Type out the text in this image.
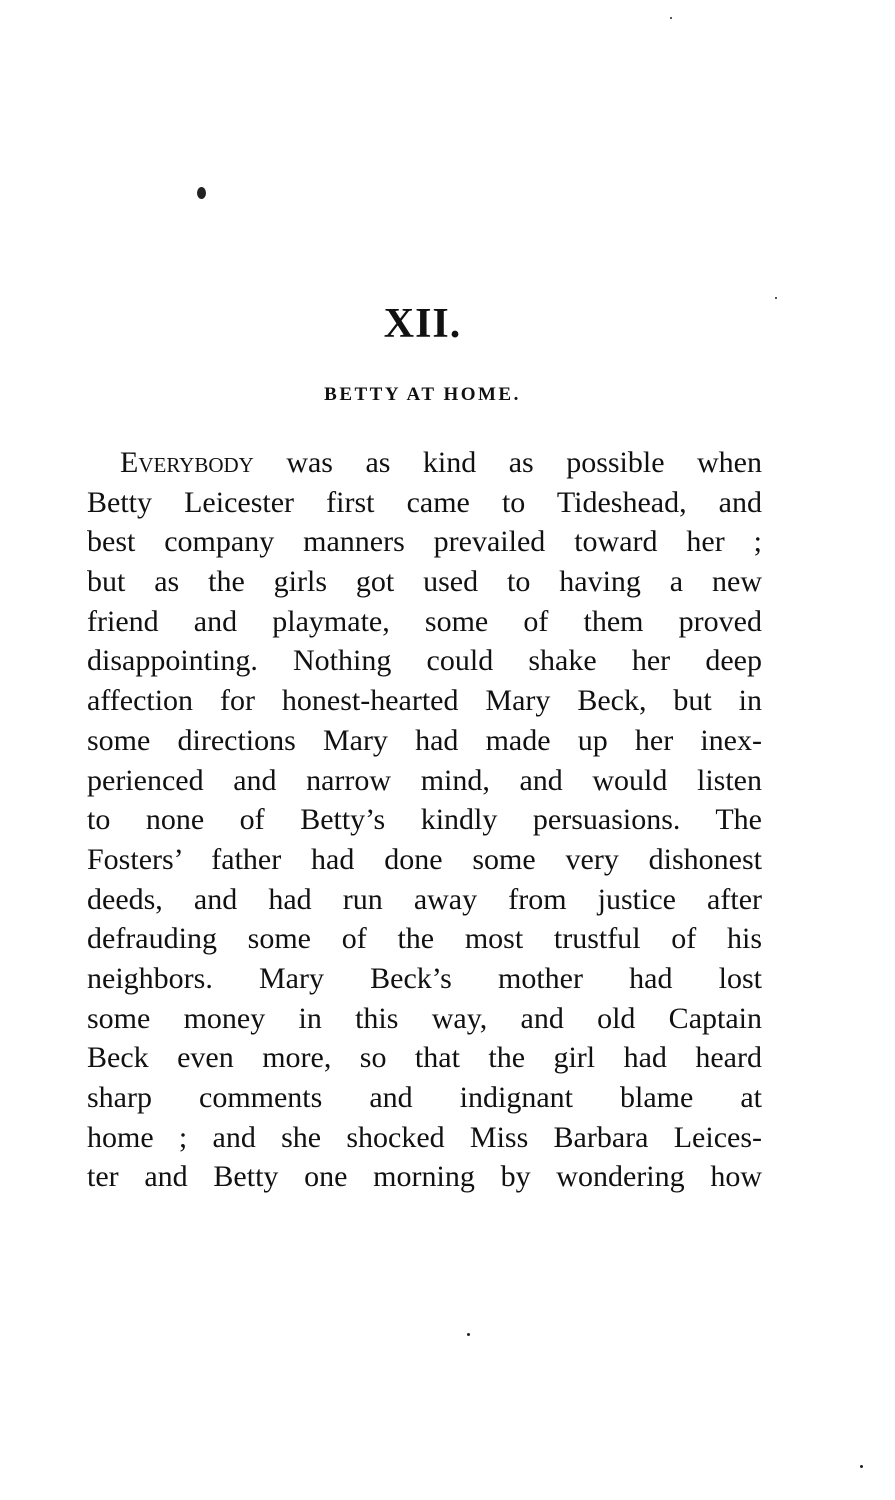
XII.
BETTY AT HOME.
Everybody was as kind as possible when
Betty Leicester first came to Tideshead, and
best company manners prevailed toward her ;
but as the girls got used to having a new
friend and playmate, some of them proved
disappointing. Nothing could shake her deep
affection for honest-hearted Mary Beck, but in
some directions Mary had made up her inex-
perienced and narrow mind, and would listen
to none of Betty’s kindly persuasions. The
Fosters’ father had done some very dishonest
deeds, and had run away from justice after
defrauding some of the most trustful of his
neighbors. Mary Beck’s mother had lost
some money in this way, and old Captain
Beck even more, so that the girl had heard
sharp comments and indignant blame at
home ; and she shocked Miss Barbara Leices-
ter and Betty one morning by wondering how
